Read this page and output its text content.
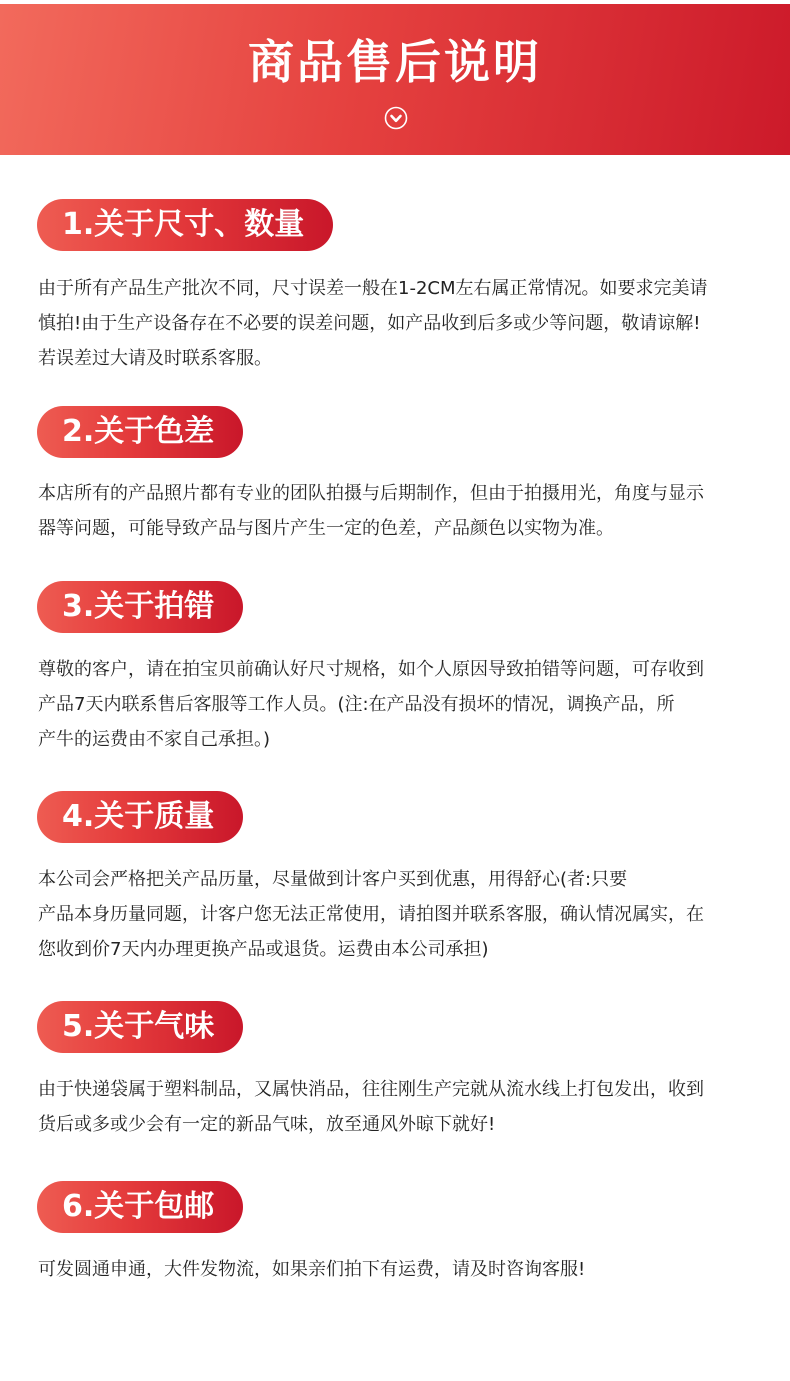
商品售后说明
1.关于尺寸、数量

由于所有产品生产批次不同，尺寸误差一般在1-2CM左右属正常情况。如要求完美请

慎拍!由于生产设备存在不必要的误差问题，如产品收到后多或少等问题，敬请谅解!

若误差过大请及时联系客服。

2.关于色差

本店所有的产品照片都有专业的团队拍摄与后期制作，但由于拍摄用光，角度与显示

器等问题，可能导致产品与图片产生一定的色差，产品颜色以实物为准。

3.关于拍错

尊敬的客户，请在拍宝贝前确认好尺寸规格，如个人原因导致拍错等问题，可存收到

产品7天内联系售后客服等工作人员。(注:在产品没有损坏的情况，调换产品，所

产牛的运费由不家自己承担。)

4.关于质量

本公司会严格把关产品历量，尽量做到计客户买到优惠，用得舒心(者:只要

产品本身历量同题，计客户您无法正常使用，请拍图并联系客服，确认情况属实，在

您收到价7天内办理更换产品或退货。运费由本公司承担)

5.关于气味

由于快递袋属于塑料制品，又属快消品，往往刚生产完就从流水线上打包发出，收到

货后或多或少会有一定的新品气味，放至通风外晾下就好!

6.关于包邮

可发圆通申通，大件发物流，如果亲们拍下有运费，请及时咨询客服!
